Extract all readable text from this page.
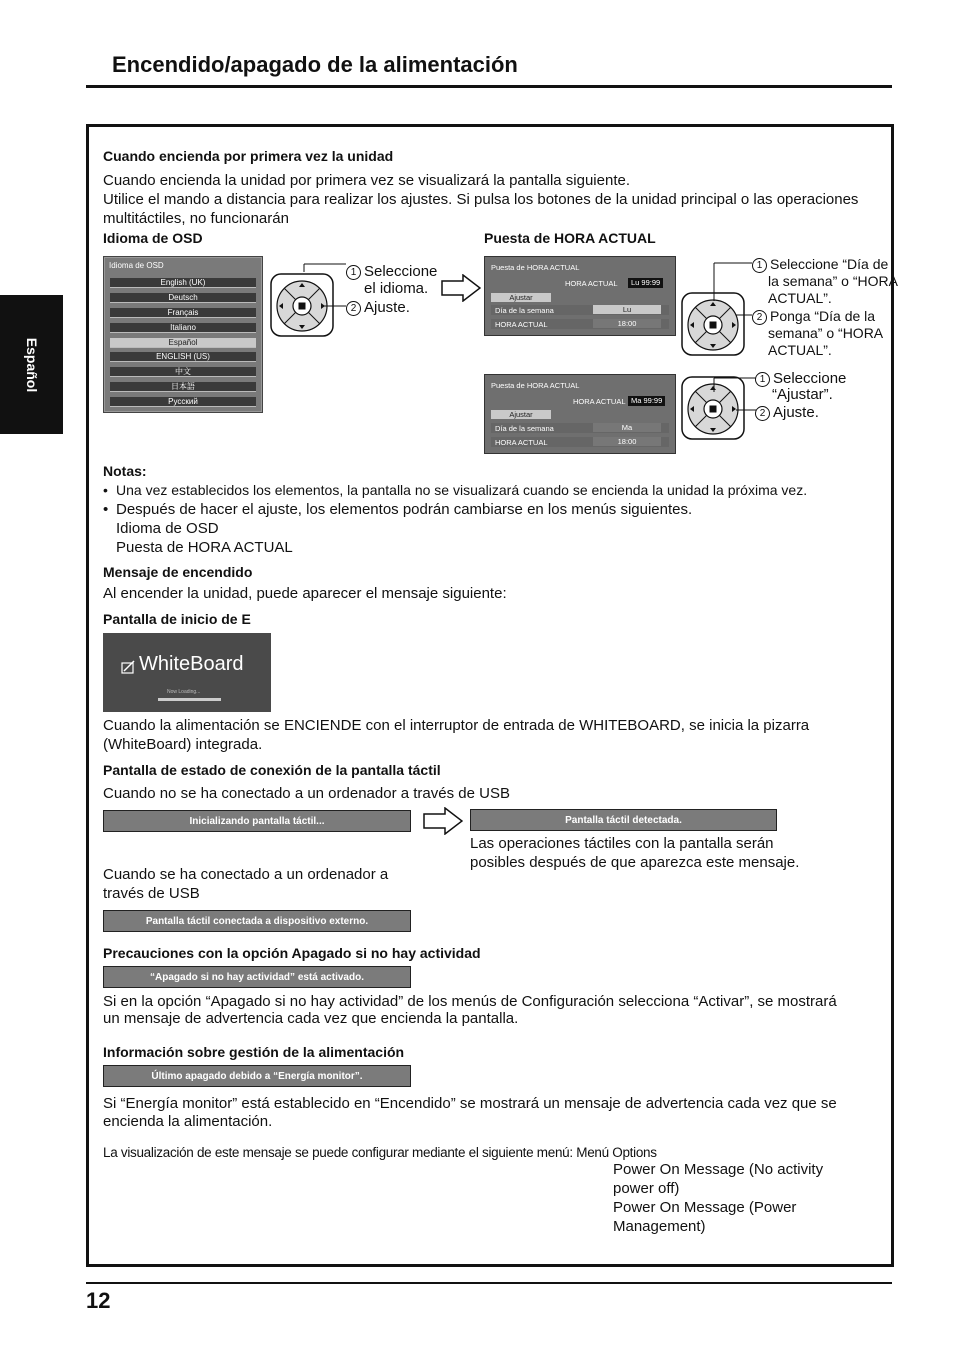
Encendido/apagado de la alimentación
Español
Cuando encienda por primera vez la unidad
Cuando encienda la unidad por primera vez se visualizará la pantalla siguiente.
Utilice el mando a distancia para realizar los ajustes. Si pulsa los botones de la unidad principal o las operaciones
multitáctiles, no funcionarán
Idioma de OSD	Puesta de HORA ACTUAL
Idioma de OSD
English (UK)
Deutsch
Français
Italiano
Español
ENGLISH (US)
中文
日本語
Русский
1 Seleccione
el idioma.
2 Ajuste.
Puesta de HORA ACTUAL
HORA ACTUAL	Lu 99:99
Ajustar
Día de la semana	Lu
HORA ACTUAL	18:00
1 Seleccione “Día de
la semana” o “HORA
ACTUAL”.
2 Ponga “Día de la
semana” o “HORA
ACTUAL”.
Puesta de HORA ACTUAL
HORA ACTUAL Ma 99:99
Ajustar
Día de la semana	Ma
HORA ACTUAL	18:00
1 Seleccione
“Ajustar”.
2 Ajuste.
Notas:
• Una vez establecidos los elementos, la pantalla no se visualizará cuando se encienda la unidad la próxima vez.
• Después de hacer el ajuste, los elementos podrán cambiarse en los menús siguientes.
Idioma de OSD
Puesta de HORA ACTUAL
Mensaje de encendido
Al encender la unidad, puede aparecer el mensaje siguiente:
Pantalla de inicio de E
WhiteBoard
Now Loading...
Cuando la alimentación se ENCIENDE con el interruptor de entrada de WHITEBOARD, se inicia la pizarra
(WhiteBoard) integrada.
Pantalla de estado de conexión de la pantalla táctil
Cuando no se ha conectado a un ordenador a través de USB
Inicializando pantalla táctil...	Pantalla táctil detectada.
Las operaciones táctiles con la pantalla serán
posibles después de que aparezca este mensaje.
Cuando se ha conectado a un ordenador a
través de USB
Pantalla táctil conectada a dispositivo externo.
Precauciones con la opción Apagado si no hay actividad
“Apagado si no hay actividad” está activado.
Si en la opción “Apagado si no hay actividad” de los menús de Configuración selecciona “Activar”, se mostrará
un mensaje de advertencia cada vez que encienda la pantalla.
Información sobre gestión de la alimentación
Último apagado debido a “Energía monitor”.
Si “Energía monitor” está establecido en “Encendido” se mostrará un mensaje de advertencia cada vez que se
encienda la alimentación.
La visualización de este mensaje se puede configurar mediante el siguiente menú: Menú Options
Power On Message (No activity
power off)
Power On Message (Power
Management)
12
